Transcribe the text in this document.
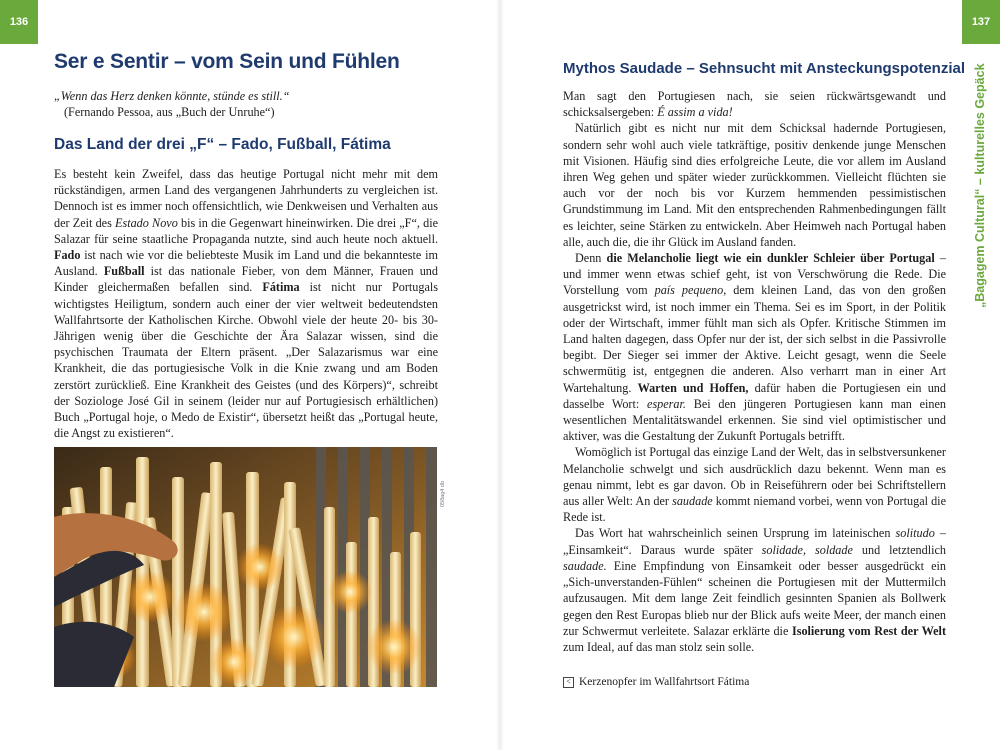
136
Ser e Sentir – vom Sein und Fühlen
„Wenn das Herz denken könnte, stünde es still.“
(Fernando Pessoa, aus „Buch der Unruhe“)
Das Land der drei „F“ – Fado, Fußball, Fátima

Es besteht kein Zweifel, dass das heutige Portugal nicht mehr mit dem rückständigen, armen Land des vergangenen Jahrhunderts zu vergleichen ist. Dennoch ist es immer noch offensichtlich, wie Denkweisen und Verhalten aus der Zeit des Estado Novo bis in die Gegenwart hineinwirken. Die drei „F“, die Salazar für seine staatliche Propaganda nutzte, sind auch heute noch aktuell. Fado ist nach wie vor die beliebteste Musik im Land und die bekannteste im Ausland. Fußball ist das nationale Fieber, von dem Männer, Frauen und Kinder gleichermaßen befallen sind. Fátima ist nicht nur Portugals wichtigstes Heiligtum, sondern auch einer der vier weltweit bedeutendsten Wallfahrtsorte der Katholischen Kirche. Obwohl viele der heute 20- bis 30-Jährigen wenig über die Geschichte der Ära Salazar wissen, sind die psychischen Traumata der Eltern präsent. „Der Salazarismus war eine Krankheit, die das portugiesische Volk in die Knie zwang und am Boden zerstört zurückließ. Eine Krankheit des Geistes (und des Körpers)“, schreibt der Soziologe José Gil in seinem (leider nur auf Portugiesisch erhältlichen) Buch „Portugal hoje, o Medo de Existir“, übersetzt heißt das „Portugal heute, die Angst zu existieren“.

058ag4 db
137
Mythos Saudade – Sehnsucht mit Ansteckungspotenzial

Man sagt den Portugiesen nach, sie seien rückwärtsgewandt und schicksalsergeben: É assim a vida!

Natürlich gibt es nicht nur mit dem Schicksal hadernde Portugiesen, sondern sehr wohl auch viele tatkräftige, positiv denkende junge Menschen mit Visionen. Häufig sind dies erfolgreiche Leute, die vor allem im Ausland ihren Weg gehen und später wieder zurückkommen. Vielleicht flüchten sie auch vor der noch bis vor Kurzem hemmenden pessimistischen Grundstimmung im Land. Mit den entsprechenden Rahmenbedingungen fällt es leichter, seine Stärken zu entwickeln. Aber Heimweh nach Portugal haben alle, auch die, die ihr Glück im Ausland fanden.

Denn die Melancholie liegt wie ein dunkler Schleier über Portugal – und immer wenn etwas schief geht, ist von Verschwörung die Rede. Die Vorstellung vom país pequeno, dem kleinen Land, das von den großen ausgetrickst wird, ist noch immer ein Thema. Sei es im Sport, in der Politik oder der Wirtschaft, immer fühlt man sich als Opfer. Kritische Stimmen im Land halten dagegen, dass Opfer nur der ist, der sich selbst in die Passivrolle begibt. Der Sieger sei immer der Aktive. Leicht gesagt, wenn die Seele schwermütig ist, entgegnen die anderen. Also verharrt man in einer Art Wartehaltung. Warten und Hoffen, dafür haben die Portugiesen ein und dasselbe Wort: esperar. Bei den jüngeren Portugiesen kann man einen wesentlichen Mentalitätswandel erkennen. Sie sind viel optimistischer und aktiver, was die Gestaltung der Zukunft Portugals betrifft.

Womöglich ist Portugal das einzige Land der Welt, das in selbstversunkener Melancholie schwelgt und sich ausdrücklich dazu bekennt. Wenn man es genau nimmt, lebt es gar davon. Ob in Reiseführern oder bei Schriftstellern aus aller Welt: An der saudade kommt niemand vorbei, wenn von Portugal die Rede ist.

Das Wort hat wahrscheinlich seinen Ursprung im lateinischen solitudo – „Einsamkeit“. Daraus wurde später solidade, soldade und letztendlich saudade. Eine Empfindung von Einsamkeit oder besser ausgedrückt ein „Sich-unverstanden-Fühlen“ scheinen die Portugiesen mit der Muttermilch aufzusaugen. Mit dem lange Zeit feindlich gesinnten Spanien als Bollwerk gegen den Rest Europas blieb nur der Blick aufs weite Meer, der manch einen zur Schwermut verleitete. Salazar erklärte die Isolierung vom Rest der Welt zum Ideal, auf das man stolz sein solle.

< Kerzenopfer im Wallfahrtsort Fátima
„Bagagem Cultural“ – kulturelles Gepäck
